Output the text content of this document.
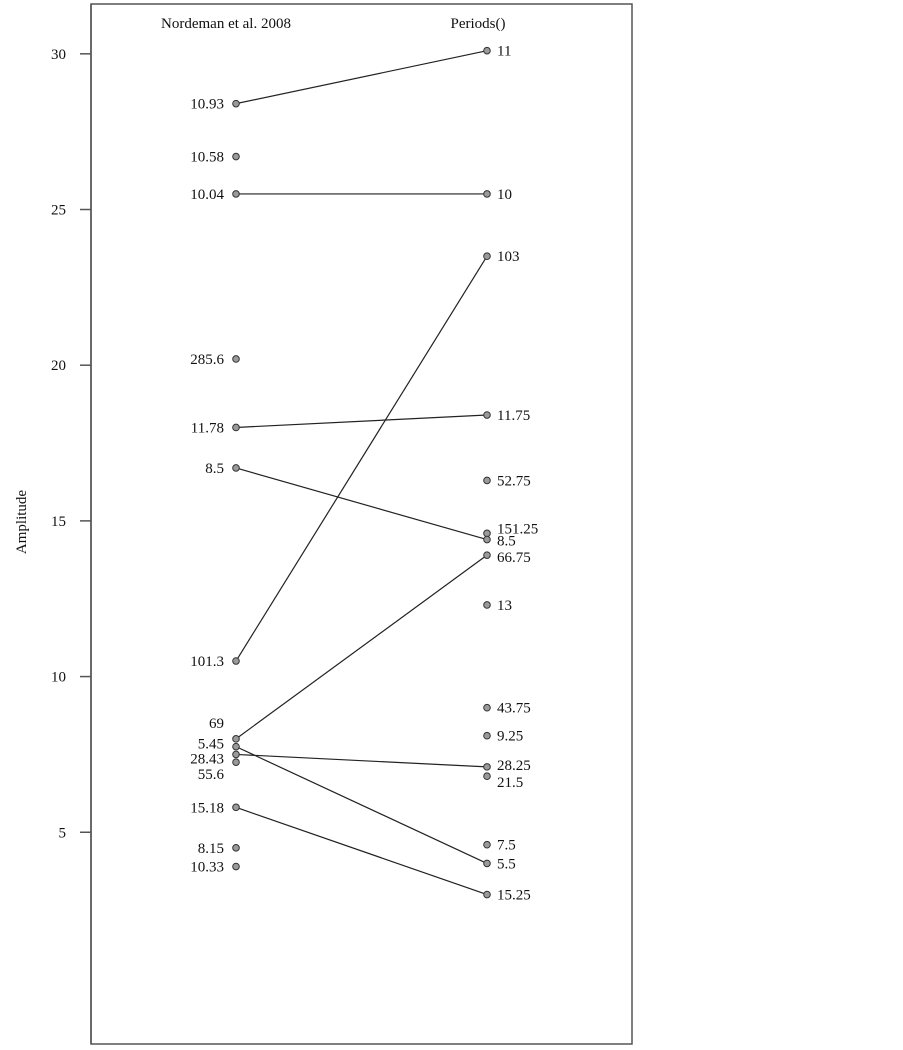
5
10
15
20
25
30
Amplitude
Nordeman et al. 2008	Periods()
10.93
10.58
10.04
285.6
11.78
8.5
101.3
69
5.45
28.43
55.6
15.18
8.15
10.33
11
10
103
11.75
52.75
151.25
8.5
66.75
13
43.75
9.25
28.25
21.5
7.5
5.5
15.25
